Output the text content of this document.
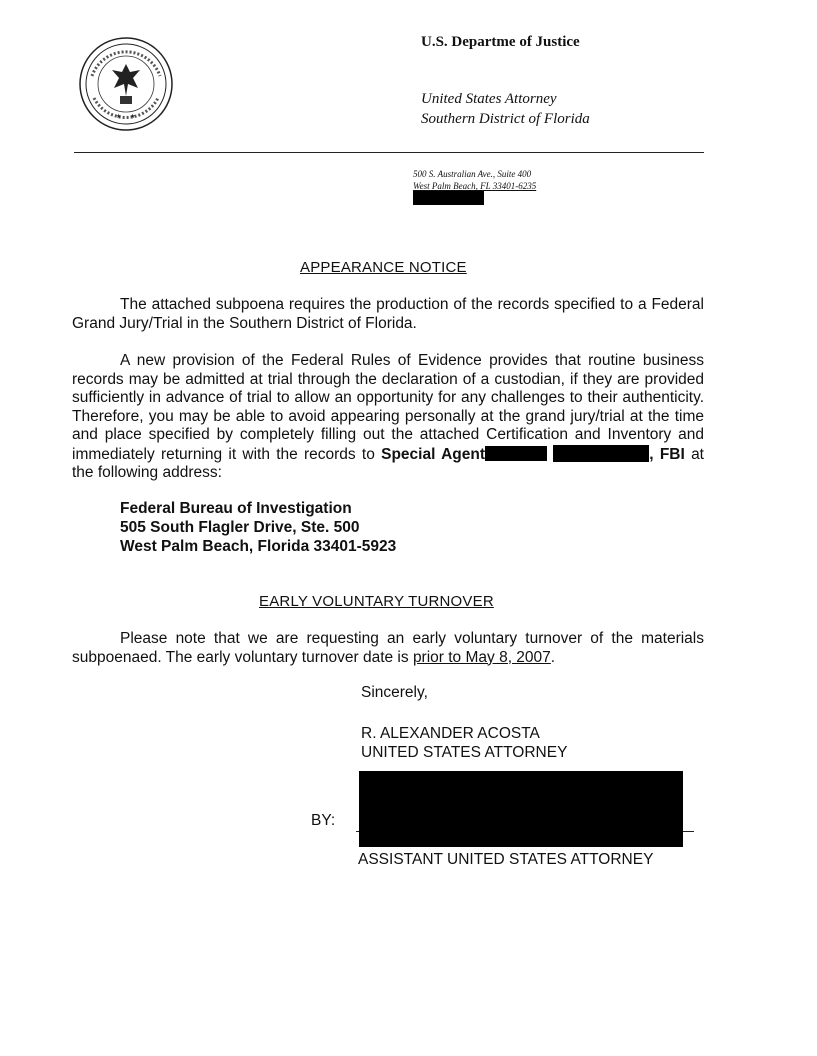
★ ★
U.S. Departme of Justice
United States Attorney
Southern District of Florida
500 S. Australian Ave., Suite 400
West Palm Beach, FL 33401-6235
APPEARANCE NOTICE
The attached subpoena requires the production of the records specified to a Federal Grand Jury/Trial in the Southern District of Florida.
A new provision of the Federal Rules of Evidence provides that routine business records may be admitted at trial through the declaration of a custodian, if they are provided sufficiently in advance of trial to allow an opportunity for any challenges to their authenticity. Therefore, you may be able to avoid appearing personally at the grand jury/trial at the time and place specified by completely filling out the attached Certification and Inventory and immediately returning it with the records to Special Agent	, FBI at the following address:
Federal Bureau of Investigation
505 South Flagler Drive, Ste. 500
West Palm Beach, Florida 33401-5923
EARLY VOLUNTARY TURNOVER
Please note that we are requesting an early voluntary turnover of the materials subpoenaed. The early voluntary turnover date is prior to May 8, 2007.
Sincerely,
R. ALEXANDER ACOSTA
UNITED STATES ATTORNEY
BY:
ASSISTANT UNITED STATES ATTORNEY
